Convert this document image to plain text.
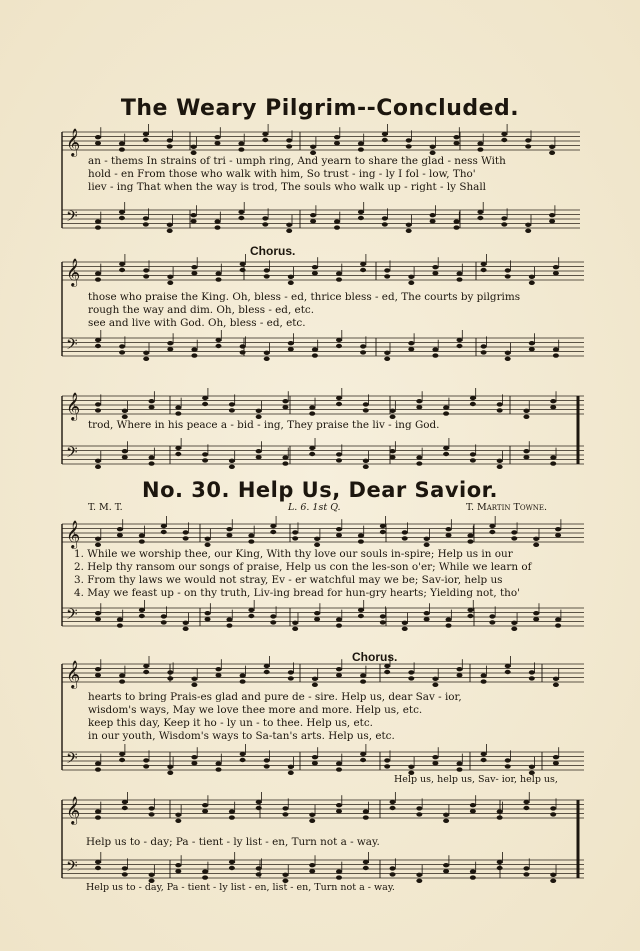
𝄞
𝄢
𝄞
𝄢
𝄞
𝄢
𝄞
𝄢
𝄞
𝄢
𝄞
𝄢
The Weary Pilgrim--Concluded.
an - thems In strains of tri - umph ring, And yearn to share the glad - ness With
hold - en From those who walk with him, So trust - ing - ly I fol - low, Tho'
liev - ing That when the way is trod, The souls who walk up - right - ly Shall
Chorus.
those who praise the King. Oh, bless - ed, thrice bless - ed, The courts by pilgrims
rough the way and dim. Oh, bless - ed, etc.
see and live with God. Oh, bless - ed, etc.
trod, Where in his peace a - bid - ing, They praise the liv - ing God.
No. 30. Help Us, Dear Savior.
T. M. T.	L. 6. 1st Q.	T. Martin Towne.
1. While we worship thee, our King, With thy love our souls in-spire; Help us in our
2. Help thy ransom our songs of praise, Help us con the les-son o'er; While we learn of
3. From thy laws we would not stray, Ev - er watchful may we be; Sav-ior, help us
4. May we feast up - on thy truth, Liv-ing bread for hun-gry hearts; Yielding not, tho'
Chorus.
hearts to bring Prais-es glad and pure de - sire. Help us, dear Sav - ior,
wisdom's ways, May we love thee more and more. Help us, etc.
keep this day, Keep it ho - ly un - to thee. Help us, etc.
in our youth, Wisdom's ways to Sa-tan's arts. Help us, etc.
Help us, help us, Sav- ior, help us,
Help us to - day; Pa - tient - ly list - en, Turn not a - way.
Help us to - day, Pa - tient - ly list - en, list - en, Turn not a - way.
